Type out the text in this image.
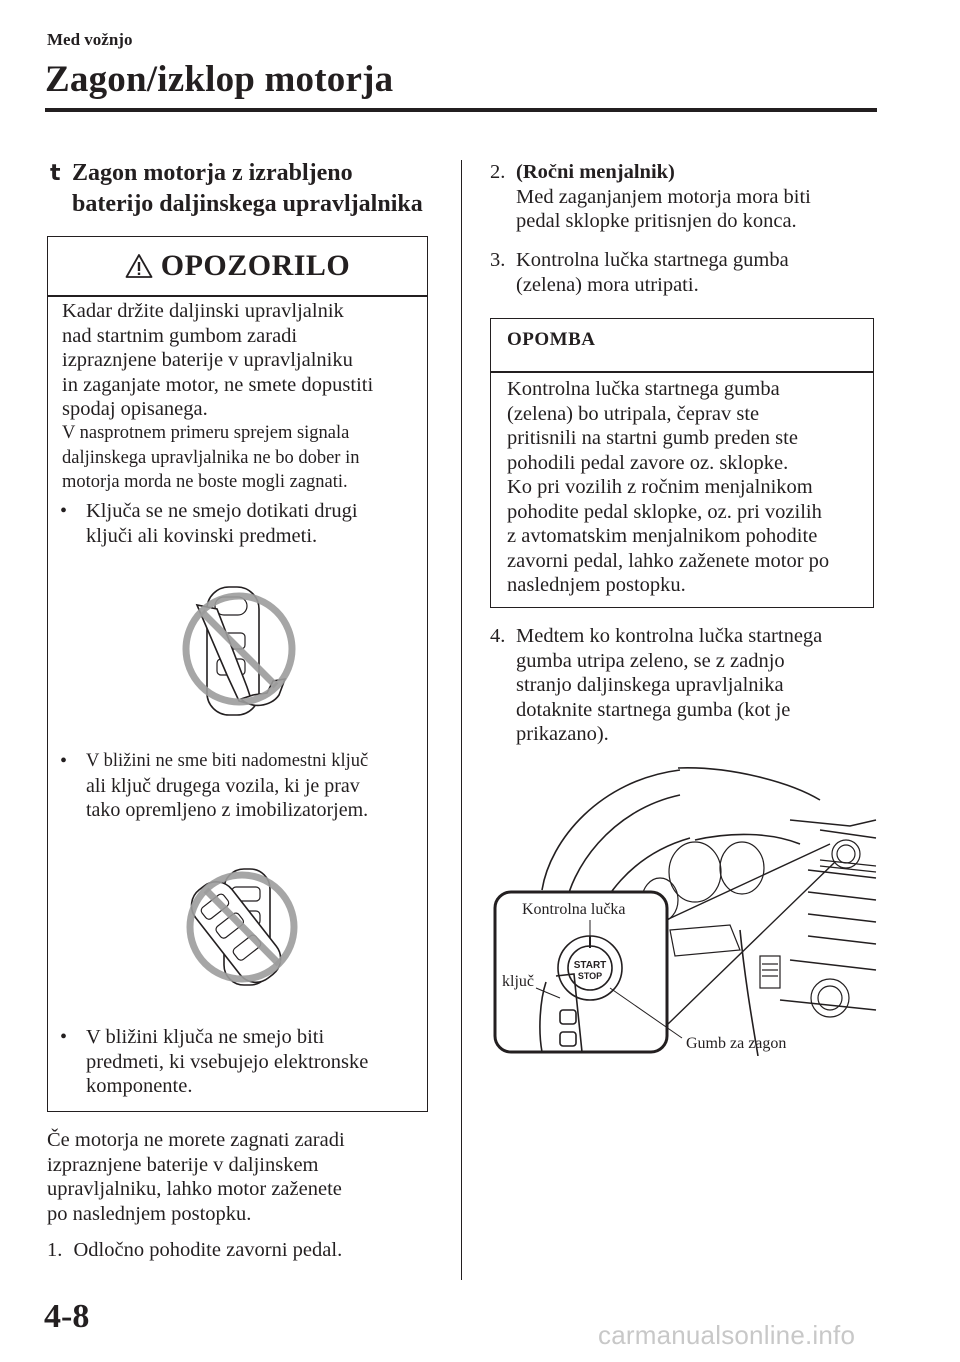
Med vožnjo
Zagon/izklop motorja
t Zagon motorja z izrabljeno
baterijo daljinskega upravljalnika
OPOZORILO
Kadar držite daljinski upravljalnik
nad startnim gumbom zaradi
izpraznjene baterije v upravljalniku
in zaganjate motor, ne smete dopustiti
spodaj opisanega.
V nasprotnem primeru sprejem signala
daljinskega upravljalnika ne bo dober in
motorja morda ne boste mogli zagnati.
• Ključa se ne smejo dotikati drugi
ključi ali kovinski predmeti.
• V bližini ne sme biti nadomestni ključ
ali ključ drugega vozila, ki je prav
tako opremljeno z imobilizatorjem.
• V bližini ključa ne smejo biti
predmeti, ki vsebujejo elektronske
komponente.
Če motorja ne morete zagnati zaradi
izpraznjene baterije v daljinskem
upravljalniku, lahko motor zaženete
po naslednjem postopku.
1. Odločno pohodite zavorni pedal.
2. (Ročni menjalnik)
Med zaganjanjem motorja mora biti
pedal sklopke pritisnjen do konca.
3. Kontrolna lučka startnega gumba
(zelena) mora utripati.
OPOMBA
Kontrolna lučka startnega gumba
(zelena) bo utripala, čeprav ste
pritisnili na startni gumb preden ste
pohodili pedal zavore oz. sklopke.
Ko pri vozilih z ročnim menjalnikom
pohodite pedal sklopke, oz. pri vozilih
z avtomatskim menjalnikom pohodite
zavorni pedal, lahko zaženete motor po
naslednjem postopku.
4. Medtem ko kontrolna lučka startnega
gumba utripa zeleno, se z zadnjo
stranjo daljinskega upravljalnika
dotaknite startnega gumba (kot je
prikazano).
START
STOP
Kontrolna lučka
ključ
Gumb za zagon
4-8	carmanualsonline.info
